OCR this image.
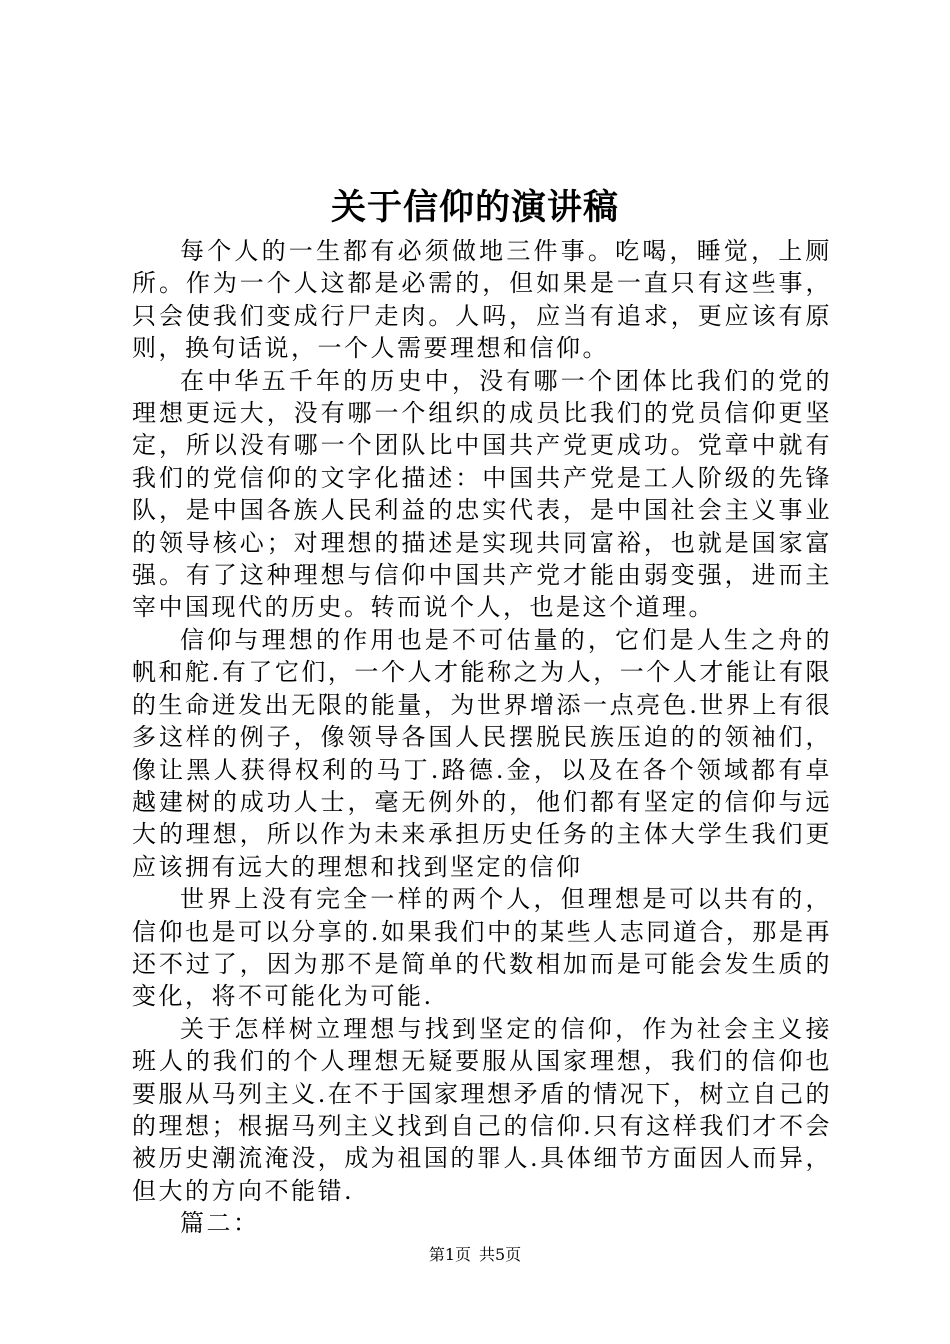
关于信仰的演讲稿

每个人的一生都有必须做地三件事。吃喝，睡觉，上厕所。作为一个人这都是必需的，但如果是一直只有这些事，只会使我们变成行尸走肉。人吗，应当有追求，更应该有原则，换句话说，一个人需要理想和信仰。

在中华五千年的历史中，没有哪一个团体比我们的党的理想更远大，没有哪一个组织的成员比我们的党员信仰更坚定，所以没有哪一个团队比中国共产党更成功。党章中就有我们的党信仰的文字化描述：中国共产党是工人阶级的先锋队，是中国各族人民利益的忠实代表，是中国社会主义事业的领导核心；对理想的描述是实现共同富裕，也就是国家富强。有了这种理想与信仰中国共产党才能由弱变强，进而主宰中国现代的历史。转而说个人，也是这个道理。

信仰与理想的作用也是不可估量的，它们是人生之舟的帆和舵.有了它们，一个人才能称之为人，一个人才能让有限的生命迸发出无限的能量，为世界增添一点亮色.世界上有很多这样的例子，像领导各国人民摆脱民族压迫的的领袖们，像让黑人获得权利的马丁.路德.金，以及在各个领域都有卓越建树的成功人士，毫无例外的，他们都有坚定的信仰与远大的理想，所以作为未来承担历史任务的主体大学生我们更应该拥有远大的理想和找到坚定的信仰

世界上没有完全一样的两个人，但理想是可以共有的，信仰也是可以分享的.如果我们中的某些人志同道合，那是再还不过了，因为那不是简单的代数相加而是可能会发生质的变化，将不可能化为可能.

关于怎样树立理想与找到坚定的信仰，作为社会主义接班人的我们的个人理想无疑要服从国家理想，我们的信仰也要服从马列主义.在不于国家理想矛盾的情况下，树立自己的的理想；根据马列主义找到自己的信仰.只有这样我们才不会被历史潮流淹没，成为祖国的罪人.具体细节方面因人而异，但大的方向不能错.

篇二：

第1页 共5页
